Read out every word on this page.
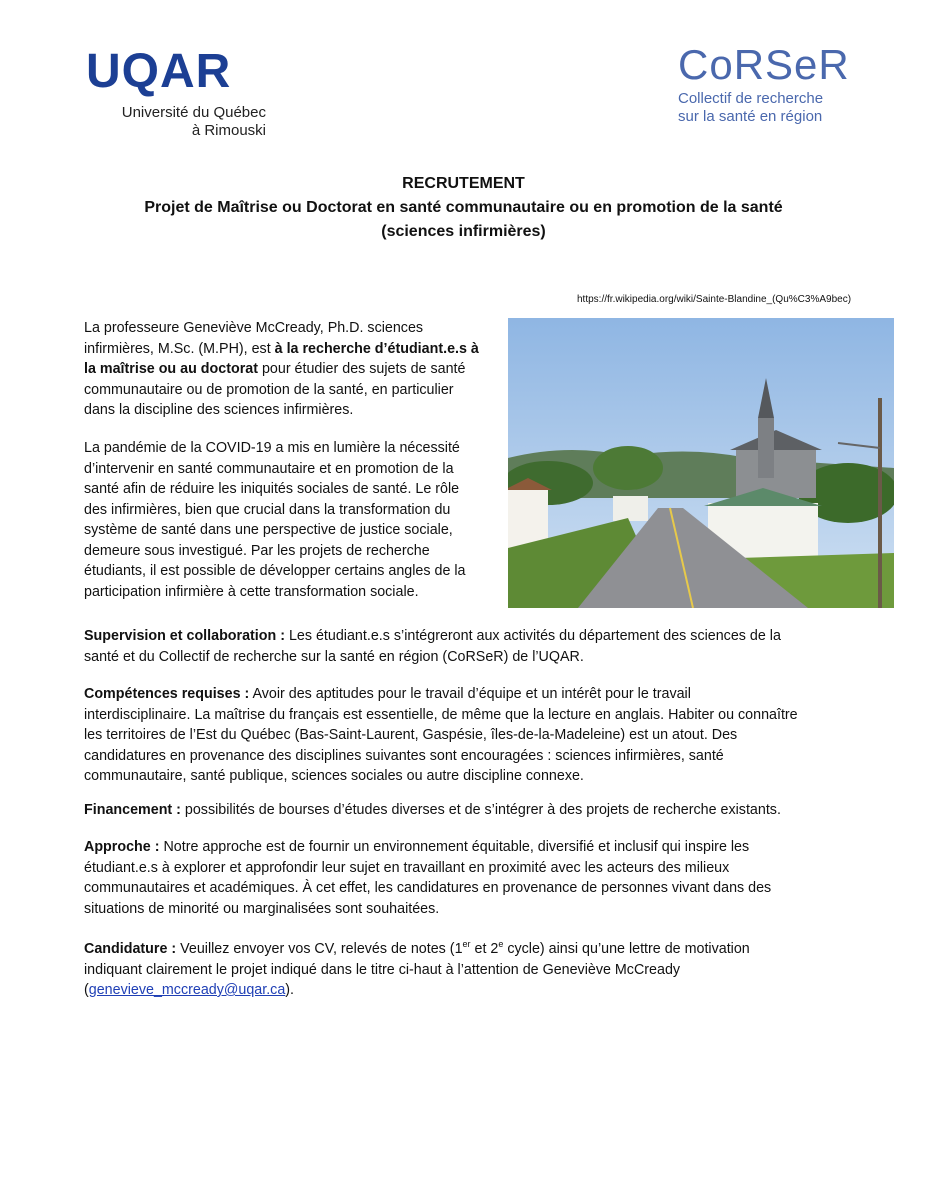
UQAR
Université du Québec
à Rimouski
CoRSeR
Collectif de recherche
sur la santé en région
RECRUTEMENT
Projet de Maîtrise ou Doctorat en santé communautaire ou en promotion de la santé
(sciences infirmières)
https://fr.wikipedia.org/wiki/Sainte-Blandine_(Qu%C3%A9bec)
La professeure Geneviève McCready, Ph.D. sciences
infirmières, M.Sc. (M.PH), est à la recherche d’étudiant.e.s à
la maîtrise ou au doctorat pour étudier des sujets de santé
communautaire ou de promotion de la santé, en particulier
dans la discipline des sciences infirmières.
La pandémie de la COVID-19 a mis en lumière la nécessité
d’intervenir en santé communautaire et en promotion de la
santé afin de réduire les iniquités sociales de santé. Le rôle
des infirmières, bien que crucial dans la transformation du
système de santé dans une perspective de justice sociale,
demeure sous investigué. Par les projets de recherche
étudiants, il est possible de développer certains angles de la
participation infirmière à cette transformation sociale.
Supervision et collaboration : Les étudiant.e.s s’intégreront aux activités du département des sciences de la
santé et du Collectif de recherche sur la santé en région (CoRSeR) de l’UQAR.
Compétences requises : Avoir des aptitudes pour le travail d’équipe et un intérêt pour le travail
interdisciplinaire. La maîtrise du français est essentielle, de même que la lecture en anglais. Habiter ou connaître
les territoires de l’Est du Québec (Bas-Saint-Laurent, Gaspésie, îles-de-la-Madeleine) est un atout. Des
candidatures en provenance des disciplines suivantes sont encouragées : sciences infirmières, santé
communautaire, santé publique, sciences sociales ou autre discipline connexe.
Financement : possibilités de bourses d’études diverses et de s’intégrer à des projets de recherche existants.
Approche : Notre approche est de fournir un environnement équitable, diversifié et inclusif qui inspire les
étudiant.e.s à explorer et approfondir leur sujet en travaillant en proximité avec les acteurs des milieux
communautaires et académiques. À cet effet, les candidatures en provenance de personnes vivant dans des
situations de minorité ou marginalisées sont souhaitées.
Candidature : Veuillez envoyer vos CV, relevés de notes (1er et 2e cycle) ainsi qu’une lettre de motivation
indiquant clairement le projet indiqué dans le titre ci-haut à l’attention de Geneviève McCready
(genevieve_mccready@uqar.ca).
